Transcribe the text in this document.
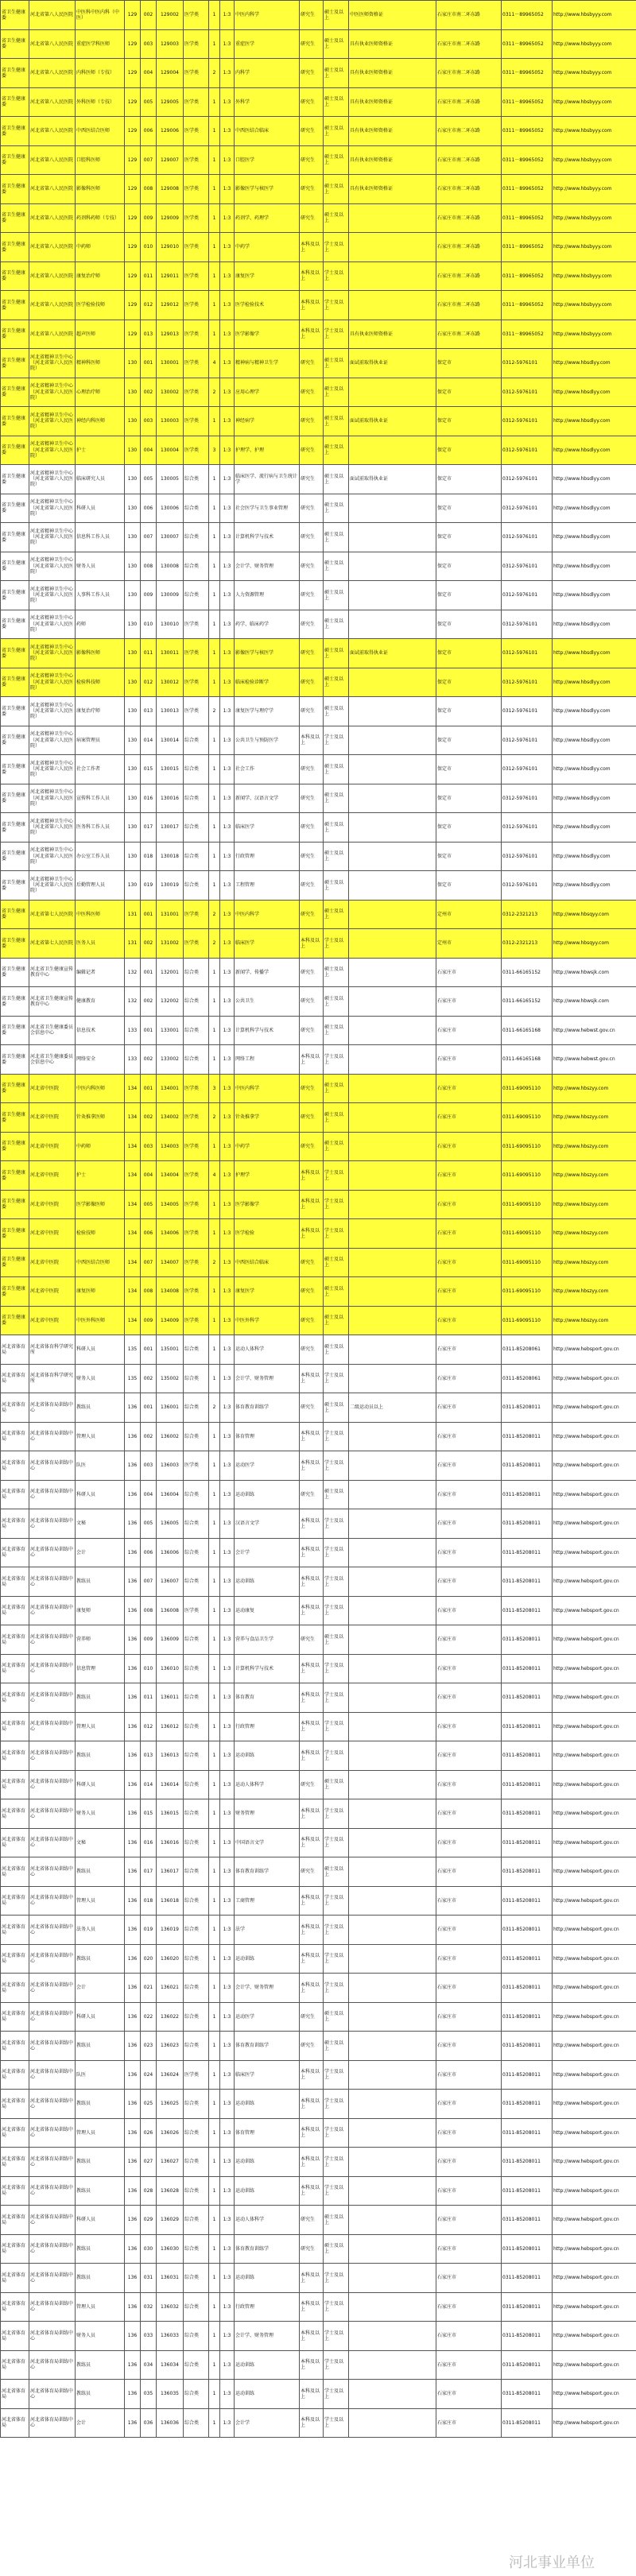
省卫生健康委	河北省第八人民医院	中医科中医内科（中医）	129	002	129002	医学类	1	1:3	中医内科学	研究生	硕士及以上	中医医师资格证	石家庄市南二环东路	0311－89965052	http://www.hbsbyyy.com
省卫生健康委	河北省第八人民医院	重症医学科医师	129	003	129003	医学类	1	1:3	重症医学	研究生	硕士及以上	具有执业医师资格证	石家庄市南二环东路	0311－89965052	http://www.hbsbyyy.com
省卫生健康委	河北省第八人民医院	内科医师（专技）	129	004	129004	医学类	2	1:3	内科学	研究生	硕士及以上	具有执业医师资格证	石家庄市南二环东路	0311－89965052	http://www.hbsbyyy.com
省卫生健康委	河北省第八人民医院	外科医师（专技）	129	005	129005	医学类	1	1:3	外科学	研究生	硕士及以上	具有执业医师资格证	石家庄市南二环东路	0311－89965052	http://www.hbsbyyy.com
省卫生健康委	河北省第八人民医院	中西医结合医师	129	006	129006	医学类	1	1:3	中西医结合临床	研究生	硕士及以上	具有执业医师资格证	石家庄市南二环东路	0311－89965052	http://www.hbsbyyy.com
省卫生健康委	河北省第八人民医院	口腔科医师	129	007	129007	医学类	1	1:3	口腔医学	研究生	硕士及以上	具有执业医师资格证	石家庄市南二环东路	0311－89965052	http://www.hbsbyyy.com
省卫生健康委	河北省第八人民医院	影像科医师	129	008	129008	医学类	1	1:3	影像医学与核医学	研究生	硕士及以上	具有执业医师资格证	石家庄市南二环东路	0311－89965052	http://www.hbsbyyy.com
省卫生健康委	河北省第八人民医院	药剂科药师（专技）	129	009	129009	医学类	1	1:3	药剂学、药理学	研究生	硕士及以上		石家庄市南二环东路	0311－89965052	http://www.hbsbyyy.com
省卫生健康委	河北省第八人民医院	中药师	129	010	129010	医学类	1	1:3	中药学	本科及以上	学士及以上		石家庄市南二环东路	0311－89965052	http://www.hbsbyyy.com
省卫生健康委	河北省第八人民医院	康复治疗师	129	011	129011	医学类	1	1:3	康复医学	本科及以上	学士及以上		石家庄市南二环东路	0311－89965052	http://www.hbsbyyy.com
省卫生健康委	河北省第八人民医院	医学检验技师	129	012	129012	医学类	1	1:3	医学检验技术	本科及以上	学士及以上		石家庄市南二环东路	0311－89965052	http://www.hbsbyyy.com
省卫生健康委	河北省第八人民医院	超声医师	129	013	129013	医学类	1	1:3	医学影像学	本科及以上	学士及以上	具有执业医师资格证	石家庄市南二环东路	0311－89965052	http://www.hbsbyyy.com
省卫生健康委	河北省精神卫生中心（河北省第六人民医院）	精神科医师	130	001	130001	医学类	4	1:3	精神病与精神卫生学	研究生	硕士及以上	面试前取得执业证	保定市	0312-5976101	http://www.hbsdlyy.com
省卫生健康委	河北省精神卫生中心（河北省第六人民医院）	心理治疗师	130	002	130002	医学类	2	1:3	应用心理学	研究生	硕士及以上		保定市	0312-5976101	http://www.hbsdlyy.com
省卫生健康委	河北省精神卫生中心（河北省第六人民医院）	神经内科医师	130	003	130003	医学类	1	1:3	神经病学	研究生	硕士及以上	面试前取得执业证	保定市	0312-5976101	http://www.hbsdlyy.com
省卫生健康委	河北省精神卫生中心（河北省第六人民医院）	护士	130	004	130004	医学类	3	1:3	护理学、护理	研究生	硕士及以上		保定市	0312-5976101	http://www.hbsdlyy.com
省卫生健康委	河北省精神卫生中心（河北省第六人民医院）	临床研究人员	130	005	130005	综合类	1	1:3	临床医学、流行病与卫生统计学	研究生	硕士及以上	面试前取得执业证	保定市	0312-5976101	http://www.hbsdlyy.com
省卫生健康委	河北省精神卫生中心（河北省第六人民医院）	科研人员	130	006	130006	综合类	1	1:3	社会医学与卫生事业管理	研究生	硕士及以上		保定市	0312-5976101	http://www.hbsdlyy.com
省卫生健康委	河北省精神卫生中心（河北省第六人民医院）	信息科工作人员	130	007	130007	综合类	1	1:3	计算机科学与技术	研究生	硕士及以上		保定市	0312-5976101	http://www.hbsdlyy.com
省卫生健康委	河北省精神卫生中心（河北省第六人民医院）	财务人员	130	008	130008	综合类	1	1:3	会计学、财务管理	研究生	硕士及以上		保定市	0312-5976101	http://www.hbsdlyy.com
省卫生健康委	河北省精神卫生中心（河北省第六人民医院）	人事科工作人员	130	009	130009	综合类	1	1:3	人力资源管理	研究生	硕士及以上		保定市	0312-5976101	http://www.hbsdlyy.com
省卫生健康委	河北省精神卫生中心（河北省第六人民医院）	药师	130	010	130010	医学类	1	1:3	药学、临床药学	研究生	硕士及以上		保定市	0312-5976101	http://www.hbsdlyy.com
省卫生健康委	河北省精神卫生中心（河北省第六人民医院）	影像科医师	130	011	130011	医学类	1	1:3	影像医学与核医学	研究生	硕士及以上	面试前取得执业证	保定市	0312-5976101	http://www.hbsdlyy.com
省卫生健康委	河北省精神卫生中心（河北省第六人民医院）	检验科技师	130	012	130012	医学类	1	1:3	临床检验诊断学	研究生	硕士及以上		保定市	0312-5976101	http://www.hbsdlyy.com
省卫生健康委	河北省精神卫生中心（河北省第六人民医院）	康复治疗师	130	013	130013	医学类	2	1:3	康复医学与理疗学	研究生	硕士及以上		保定市	0312-5976101	http://www.hbsdlyy.com
省卫生健康委	河北省精神卫生中心（河北省第六人民医院）	病案管理员	130	014	130014	综合类	1	1:3	公共卫生与预防医学	本科及以上	学士及以上		保定市	0312-5976101	http://www.hbsdlyy.com
省卫生健康委	河北省精神卫生中心（河北省第六人民医院）	社会工作者	130	015	130015	综合类	1	1:3	社会工作	研究生	硕士及以上		保定市	0312-5976101	http://www.hbsdlyy.com
省卫生健康委	河北省精神卫生中心（河北省第六人民医院）	宣传科工作人员	130	016	130016	综合类	1	1:3	新闻学、汉语言文学	研究生	硕士及以上		保定市	0312-5976101	http://www.hbsdlyy.com
省卫生健康委	河北省精神卫生中心（河北省第六人民医院）	医务科工作人员	130	017	130017	综合类	1	1:3	临床医学	研究生	硕士及以上		保定市	0312-5976101	http://www.hbsdlyy.com
省卫生健康委	河北省精神卫生中心（河北省第六人民医院）	办公室工作人员	130	018	130018	综合类	1	1:3	行政管理	研究生	硕士及以上		保定市	0312-5976101	http://www.hbsdlyy.com
省卫生健康委	河北省精神卫生中心（河北省第六人民医院）	后勤管理人员	130	019	130019	综合类	1	1:3	工程管理	研究生	硕士及以上		保定市	0312-5976101	http://www.hbsdlyy.com
省卫生健康委	河北省第七人民医院	中医科医师	131	001	131001	医学类	2	1:3	中医内科学	研究生	硕士及以上		定州市	0312-2321213	http://www.hbsqyy.com
省卫生健康委	河北省第七人民医院	医务人员	131	002	131002	医学类	2	1:3	临床医学	本科及以上	学士及以上		定州市	0312-2321213	http://www.hbsqyy.com
省卫生健康委	河北省卫生健康宣传教育中心	编辑记者	132	001	132001	综合类	1	1:3	新闻学、传播学	研究生	硕士及以上		石家庄市	0311-66165152	http://www.hbwsjk.com
省卫生健康委	河北省卫生健康宣传教育中心	健康教育	132	002	132002	综合类	1	1:3	公共卫生	研究生	硕士及以上		石家庄市	0311-66165152	http://www.hbwsjk.com
省卫生健康委	河北省卫生健康委员会信息中心	信息技术	133	001	133001	综合类	1	1:3	计算机科学与技术	研究生	硕士及以上		石家庄市	0311-66165168	http://www.hebwst.gov.cn
省卫生健康委	河北省卫生健康委员会信息中心	网络安全	133	002	133002	综合类	1	1:3	网络工程	本科及以上	学士及以上		石家庄市	0311-66165168	http://www.hebwst.gov.cn
省卫生健康委	河北省中医院	中医内科医师	134	001	134001	医学类	3	1:3	中医内科学	研究生	硕士及以上		石家庄市	0311-69095110	http://www.hbszyy.com
省卫生健康委	河北省中医院	针灸推拿医师	134	002	134002	医学类	2	1:3	针灸推拿学	研究生	硕士及以上		石家庄市	0311-69095110	http://www.hbszyy.com
省卫生健康委	河北省中医院	中药师	134	003	134003	医学类	1	1:3	中药学	研究生	硕士及以上		石家庄市	0311-69095110	http://www.hbszyy.com
省卫生健康委	河北省中医院	护士	134	004	134004	医学类	4	1:3	护理学	本科及以上	学士及以上		石家庄市	0311-69095110	http://www.hbszyy.com
省卫生健康委	河北省中医院	医学影像医师	134	005	134005	医学类	1	1:3	医学影像学	本科及以上	学士及以上		石家庄市	0311-69095110	http://www.hbszyy.com
省卫生健康委	河北省中医院	检验技师	134	006	134006	医学类	1	1:3	医学检验	本科及以上	学士及以上		石家庄市	0311-69095110	http://www.hbszyy.com
省卫生健康委	河北省中医院	中西医结合医师	134	007	134007	医学类	2	1:3	中西医结合临床	研究生	硕士及以上		石家庄市	0311-69095110	http://www.hbszyy.com
省卫生健康委	河北省中医院	康复医师	134	008	134008	医学类	1	1:3	康复医学	研究生	硕士及以上		石家庄市	0311-69095110	http://www.hbszyy.com
省卫生健康委	河北省中医院	中医外科医师	134	009	134009	医学类	1	1:3	中医外科学	研究生	硕士及以上		石家庄市	0311-69095110	http://www.hbszyy.com
河北省体育局	河北省体育科学研究所	科研人员	135	001	135001	综合类	1	1:3	运动人体科学	研究生	硕士及以上		石家庄市	0311-85208061	http://www.hebsport.gov.cn
河北省体育局	河北省体育科学研究所	财务人员	135	002	135002	综合类	1	1:3	会计学、财务管理	本科及以上	学士及以上		石家庄市	0311-85208061	http://www.hebsport.gov.cn
河北省体育局	河北省体育局训练中心	教练员	136	001	136001	综合类	2	1:3	体育教育训练学	研究生	硕士及以上	二级运动员以上	石家庄市	0311-85208011	http://www.hebsport.gov.cn
河北省体育局	河北省体育局训练中心	管理人员	136	002	136002	综合类	1	1:3	体育管理	本科及以上	学士及以上		石家庄市	0311-85208011	http://www.hebsport.gov.cn
河北省体育局	河北省体育局训练中心	队医	136	003	136003	医学类	1	1:3	运动医学	本科及以上	学士及以上		石家庄市	0311-85208011	http://www.hebsport.gov.cn
河北省体育局	河北省体育局训练中心	科研人员	136	004	136004	综合类	1	1:3	运动训练	研究生	硕士及以上		石家庄市	0311-85208011	http://www.hebsport.gov.cn
河北省体育局	河北省体育局训练中心	文秘	136	005	136005	综合类	1	1:3	汉语言文学	本科及以上	学士及以上		石家庄市	0311-85208011	http://www.hebsport.gov.cn
河北省体育局	河北省体育局训练中心	会计	136	006	136006	综合类	1	1:3	会计学	本科及以上	学士及以上		石家庄市	0311-85208011	http://www.hebsport.gov.cn
河北省体育局	河北省体育局训练中心	教练员	136	007	136007	综合类	1	1:3	运动训练	本科及以上	学士及以上		石家庄市	0311-85208011	http://www.hebsport.gov.cn
河北省体育局	河北省体育局训练中心	康复师	136	008	136008	医学类	1	1:3	运动康复	本科及以上	学士及以上		石家庄市	0311-85208011	http://www.hebsport.gov.cn
河北省体育局	河北省体育局训练中心	营养师	136	009	136009	综合类	1	1:3	营养与食品卫生学	研究生	硕士及以上		石家庄市	0311-85208011	http://www.hebsport.gov.cn
河北省体育局	河北省体育局训练中心	信息管理	136	010	136010	综合类	1	1:3	计算机科学与技术	本科及以上	学士及以上		石家庄市	0311-85208011	http://www.hebsport.gov.cn
河北省体育局	河北省体育局训练中心	教练员	136	011	136011	综合类	1	1:3	体育教育	本科及以上	学士及以上		石家庄市	0311-85208011	http://www.hebsport.gov.cn
河北省体育局	河北省体育局训练中心	管理人员	136	012	136012	综合类	1	1:3	行政管理	本科及以上	学士及以上		石家庄市	0311-85208011	http://www.hebsport.gov.cn
河北省体育局	河北省体育局训练中心	教练员	136	013	136013	综合类	1	1:3	运动训练	本科及以上	学士及以上		石家庄市	0311-85208011	http://www.hebsport.gov.cn
河北省体育局	河北省体育局训练中心	科研人员	136	014	136014	综合类	1	1:3	运动人体科学	研究生	硕士及以上		石家庄市	0311-85208011	http://www.hebsport.gov.cn
河北省体育局	河北省体育局训练中心	财务人员	136	015	136015	综合类	1	1:3	财务管理	本科及以上	学士及以上		石家庄市	0311-85208011	http://www.hebsport.gov.cn
河北省体育局	河北省体育局训练中心	文秘	136	016	136016	综合类	1	1:3	中国语言文学	本科及以上	学士及以上		石家庄市	0311-85208011	http://www.hebsport.gov.cn
河北省体育局	河北省体育局训练中心	教练员	136	017	136017	综合类	1	1:3	体育教育训练学	研究生	硕士及以上		石家庄市	0311-85208011	http://www.hebsport.gov.cn
河北省体育局	河北省体育局训练中心	管理人员	136	018	136018	综合类	1	1:3	工商管理	本科及以上	学士及以上		石家庄市	0311-85208011	http://www.hebsport.gov.cn
河北省体育局	河北省体育局训练中心	法务人员	136	019	136019	综合类	1	1:3	法学	本科及以上	学士及以上		石家庄市	0311-85208011	http://www.hebsport.gov.cn
河北省体育局	河北省体育局训练中心	教练员	136	020	136020	综合类	1	1:3	运动训练	本科及以上	学士及以上		石家庄市	0311-85208011	http://www.hebsport.gov.cn
河北省体育局	河北省体育局训练中心	会计	136	021	136021	综合类	1	1:3	会计学、财务管理	本科及以上	学士及以上		石家庄市	0311-85208011	http://www.hebsport.gov.cn
河北省体育局	河北省体育局训练中心	科研人员	136	022	136022	综合类	1	1:3	运动医学	研究生	硕士及以上		石家庄市	0311-85208011	http://www.hebsport.gov.cn
河北省体育局	河北省体育局训练中心	教练员	136	023	136023	综合类	1	1:3	体育教育训练学	研究生	硕士及以上		石家庄市	0311-85208011	http://www.hebsport.gov.cn
河北省体育局	河北省体育局训练中心	队医	136	024	136024	医学类	1	1:3	临床医学	本科及以上	学士及以上		石家庄市	0311-85208011	http://www.hebsport.gov.cn
河北省体育局	河北省体育局训练中心	教练员	136	025	136025	综合类	1	1:3	运动训练	本科及以上	学士及以上		石家庄市	0311-85208011	http://www.hebsport.gov.cn
河北省体育局	河北省体育局训练中心	管理人员	136	026	136026	综合类	1	1:3	体育管理	本科及以上	学士及以上		石家庄市	0311-85208011	http://www.hebsport.gov.cn
河北省体育局	河北省体育局训练中心	教练员	136	027	136027	综合类	1	1:3	运动训练	本科及以上	学士及以上		石家庄市	0311-85208011	http://www.hebsport.gov.cn
河北省体育局	河北省体育局训练中心	教练员	136	028	136028	综合类	1	1:3	运动训练	本科及以上	学士及以上		石家庄市	0311-85208011	http://www.hebsport.gov.cn
河北省体育局	河北省体育局训练中心	科研人员	136	029	136029	综合类	1	1:3	运动人体科学	研究生	硕士及以上		石家庄市	0311-85208011	http://www.hebsport.gov.cn
河北省体育局	河北省体育局训练中心	教练员	136	030	136030	综合类	1	1:3	体育教育训练学	研究生	硕士及以上		石家庄市	0311-85208011	http://www.hebsport.gov.cn
河北省体育局	河北省体育局训练中心	教练员	136	031	136031	综合类	1	1:3	运动训练	本科及以上	学士及以上		石家庄市	0311-85208011	http://www.hebsport.gov.cn
河北省体育局	河北省体育局训练中心	管理人员	136	032	136032	综合类	1	1:3	行政管理	本科及以上	学士及以上		石家庄市	0311-85208011	http://www.hebsport.gov.cn
河北省体育局	河北省体育局训练中心	财务人员	136	033	136033	综合类	1	1:3	会计学、财务管理	本科及以上	学士及以上		石家庄市	0311-85208011	http://www.hebsport.gov.cn
河北省体育局	河北省体育局训练中心	教练员	136	034	136034	综合类	1	1:3	运动训练	本科及以上	学士及以上		石家庄市	0311-85208011	http://www.hebsport.gov.cn
河北省体育局	河北省体育局训练中心	教练员	136	035	136035	综合类	1	1:3	运动训练	本科及以上	学士及以上		石家庄市	0311-85208011	http://www.hebsport.gov.cn
河北省体育局	河北省体育局训练中心	会计	136	036	136036	综合类	1	1:3	会计学	本科及以上	学士及以上		石家庄市	0311-85208011	http://www.hebsport.gov.cn
河北事业单位
